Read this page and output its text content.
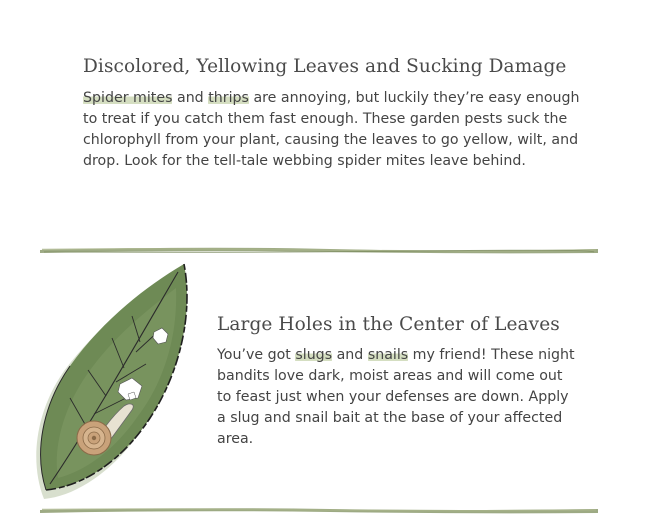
Discolored, Yellowing Leaves and Sucking Damage

Spider mites and thrips are annoying, but luckily they’re easy enough to treat if you catch them fast enough. These garden pests suck the chlorophyll from your plant, causing the leaves to go yellow, wilt, and drop. Look for the tell-tale webbing spider mites leave behind.

Large Holes in the Center of Leaves

You’ve got slugs and snails my friend! These night bandits love dark, moist areas and will come out to feast just when your defenses are down. Apply a slug and snail bait at the base of your affected area.
